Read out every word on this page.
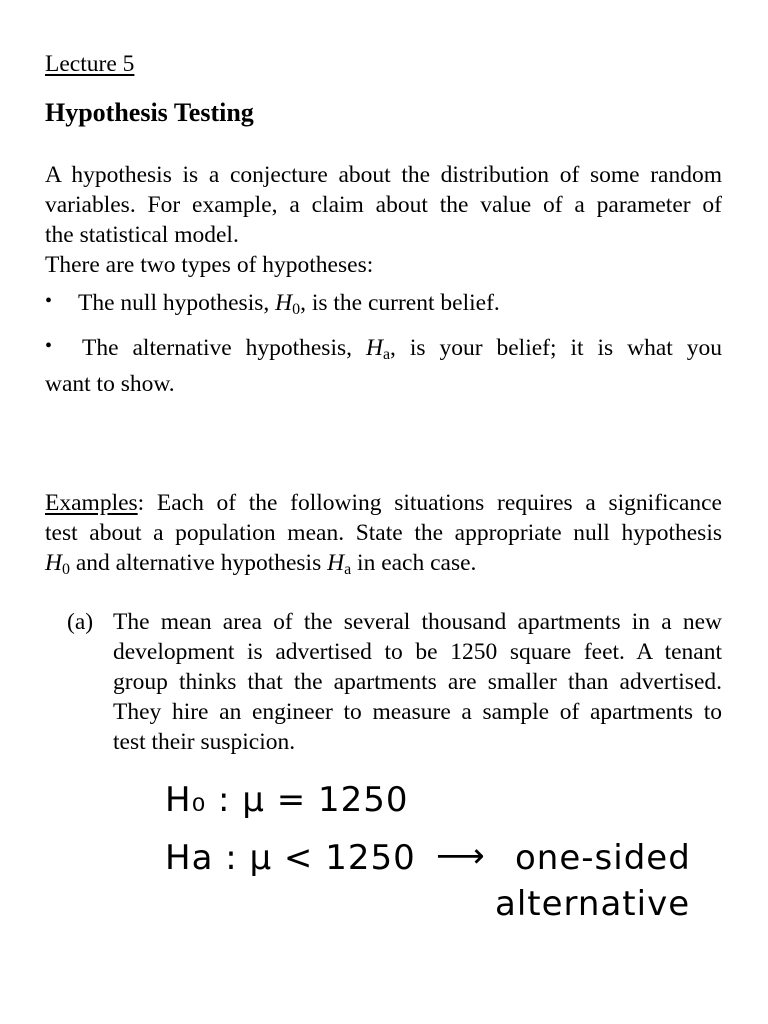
Lecture 5
Hypothesis Testing
A hypothesis is a conjecture about the distribution of some random
variables. For example, a claim about the value of a parameter of
the statistical model.
There are two types of hypotheses:
• The null hypothesis, $H_0$, is the current belief.
• The alternative hypothesis, $H_a$, is your belief; it is what you
want to show.
Examples: Each of the following situations requires a significance
test about a population mean. State the appropriate null hypothesis
$H_0$ and alternative hypothesis $H_a$ in each case.
(a) The mean area of the several thousand apartments in a new
development is advertised to be 1250 square feet. A tenant
group thinks that the apartments are smaller than advertised.
They hire an engineer to measure a sample of apartments to
test their suspicion.
H₀ : μ = 1250
Ha : μ < 1250 ⟶ one-sided
alternative
